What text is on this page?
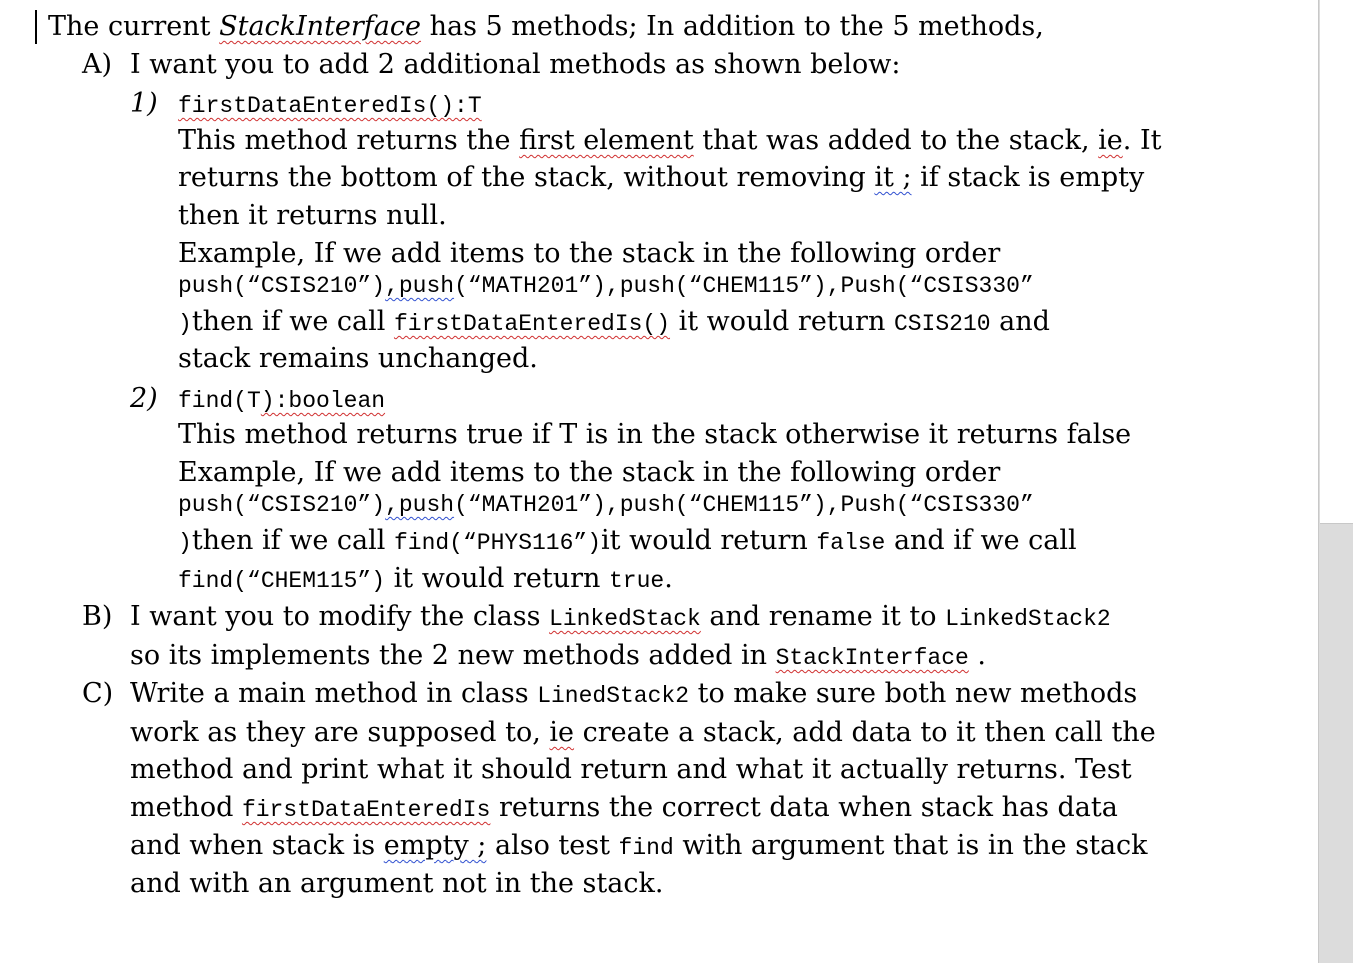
The current StackInterface has 5 methods; In addition to the 5 methods,
A) I want you to add 2 additional methods as shown below:
1) firstDataEnteredIs():T
This method returns the first element that was added to the stack, ie. It
returns the bottom of the stack, without removing it ; if stack is empty
then it returns null.
Example, If we add items to the stack in the following order
push(“CSIS210”),push(“MATH201”),push(“CHEM115”),Push(“CSIS330”
)then if we call firstDataEnteredIs() it would return CSIS210 and
stack remains unchanged.
2) find(T):boolean
This method returns true if T is in the stack otherwise it returns false
Example, If we add items to the stack in the following order
push(“CSIS210”),push(“MATH201”),push(“CHEM115”),Push(“CSIS330”
)then if we call find(“PHYS116”)it would return false and if we call
find(“CHEM115”) it would return true.
B) I want you to modify the class LinkedStack and rename it to LinkedStack2
so its implements the 2 new methods added in StackInterface .
C) Write a main method in class LinedStack2 to make sure both new methods
work as they are supposed to, ie create a stack, add data to it then call the
method and print what it should return and what it actually returns. Test
method firstDataEnteredIs returns the correct data when stack has data
and when stack is empty ; also test find with argument that is in the stack
and with an argument not in the stack.
